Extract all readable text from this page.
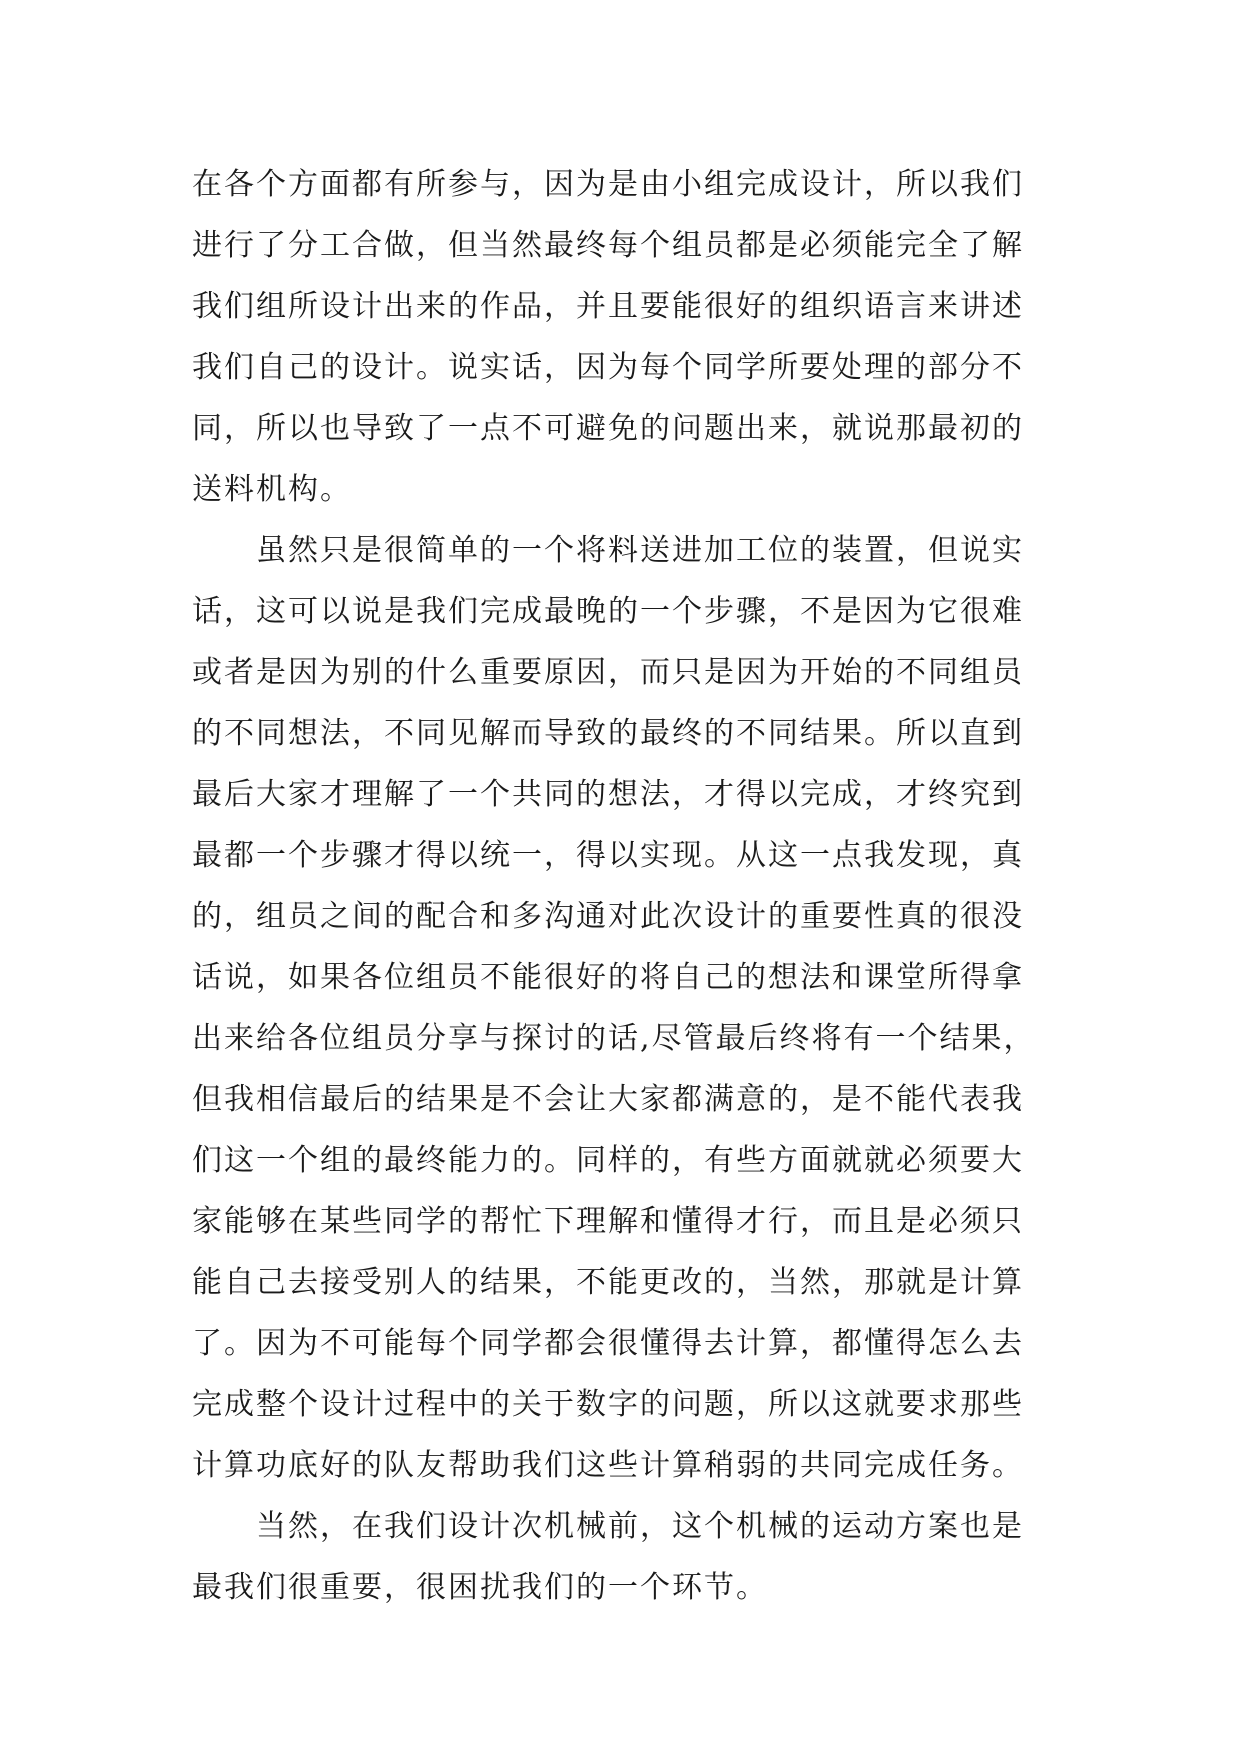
在各个方面都有所参与，因为是由小组完成设计，所以我们
进行了分工合做，但当然最终每个组员都是必须能完全了解
我们组所设计出来的作品，并且要能很好的组织语言来讲述
我们自己的设计。说实话，因为每个同学所要处理的部分不
同，所以也导致了一点不可避免的问题出来，就说那最初的
送料机构。
虽然只是很简单的一个将料送进加工位的装置，但说实
话，这可以说是我们完成最晚的一个步骤，不是因为它很难
或者是因为别的什么重要原因，而只是因为开始的不同组员
的不同想法，不同见解而导致的最终的不同结果。所以直到
最后大家才理解了一个共同的想法，才得以完成，才终究到
最都一个步骤才得以统一，得以实现。从这一点我发现，真
的，组员之间的配合和多沟通对此次设计的重要性真的很没
话说，如果各位组员不能很好的将自己的想法和课堂所得拿
出来给各位组员分享与探讨的话,尽管最后终将有一个结果，
但我相信最后的结果是不会让大家都满意的，是不能代表我
们这一个组的最终能力的。同样的，有些方面就就必须要大
家能够在某些同学的帮忙下理解和懂得才行，而且是必须只
能自己去接受别人的结果，不能更改的，当然，那就是计算
了。因为不可能每个同学都会很懂得去计算，都懂得怎么去
完成整个设计过程中的关于数字的问题，所以这就要求那些
计算功底好的队友帮助我们这些计算稍弱的共同完成任务。
当然，在我们设计次机械前，这个机械的运动方案也是
最我们很重要，很困扰我们的一个环节。
